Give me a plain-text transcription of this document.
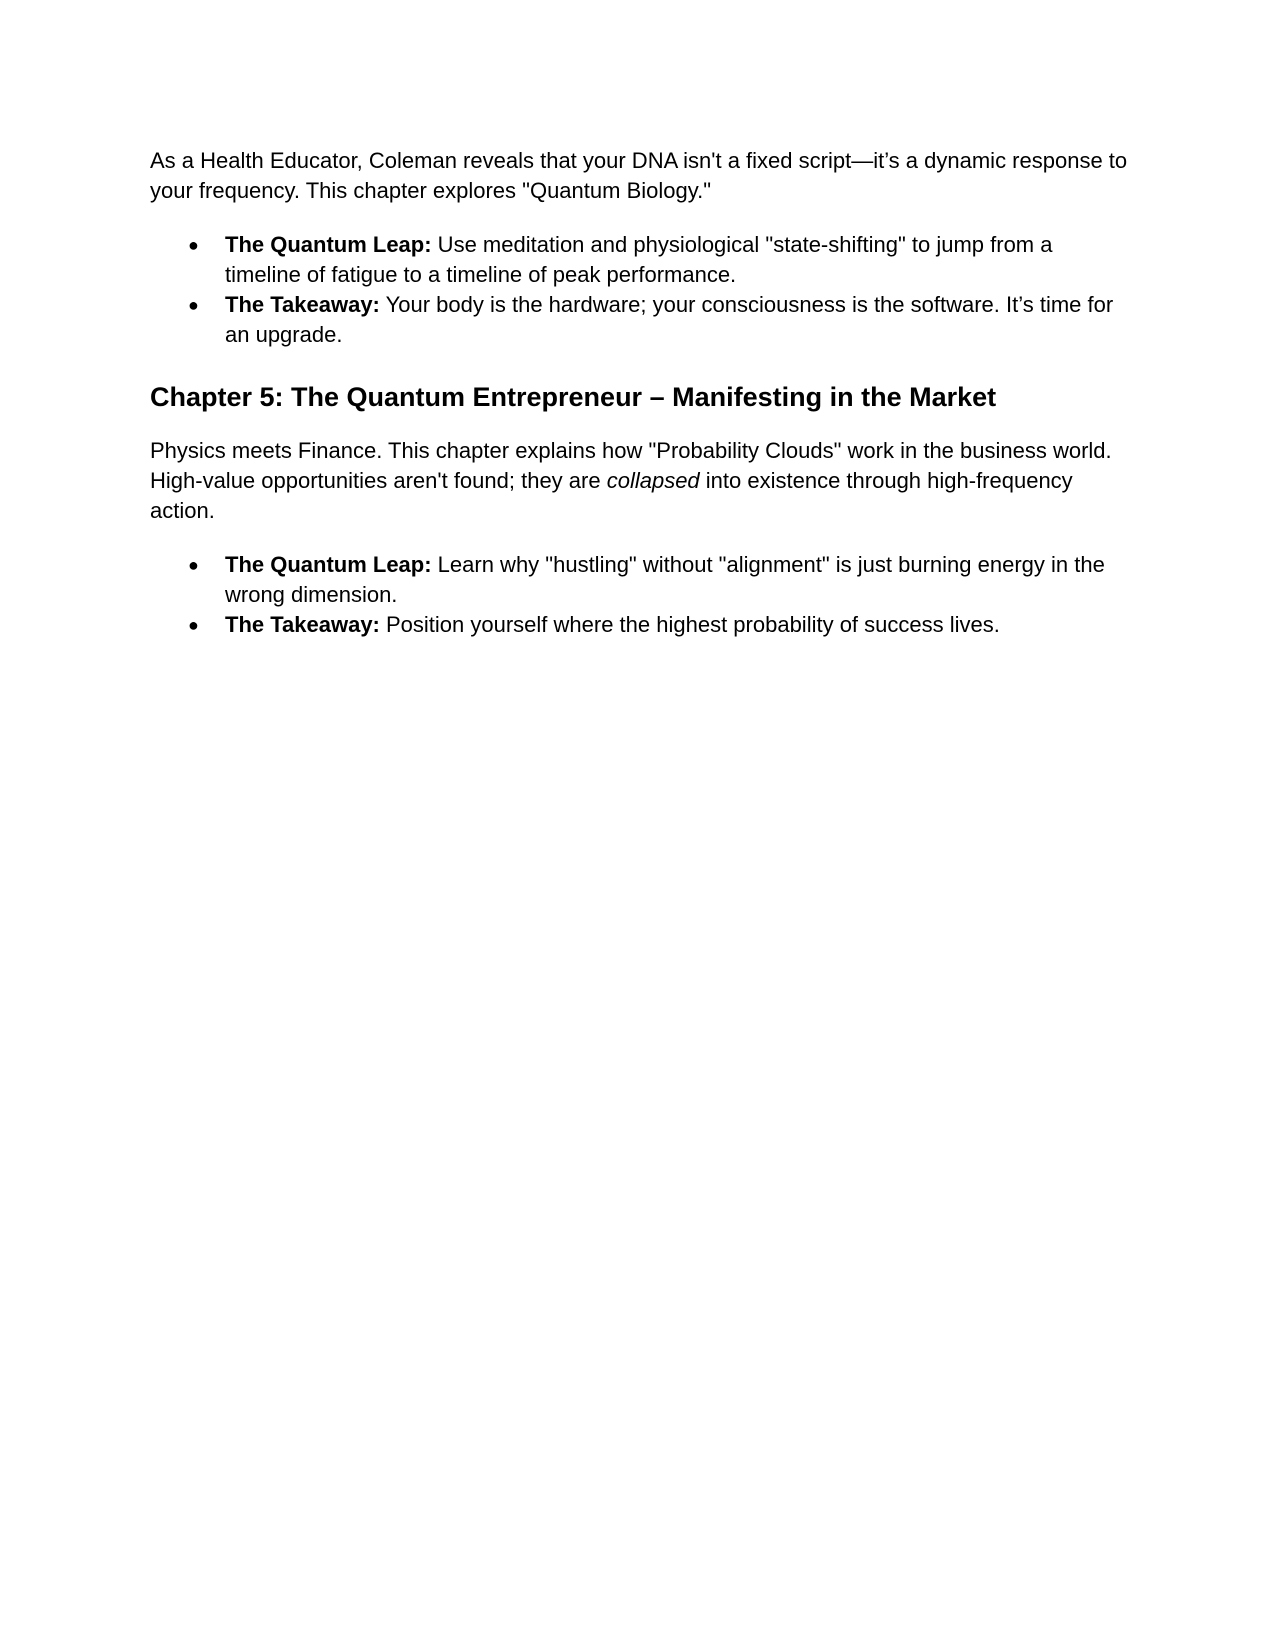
As a Health Educator, Coleman reveals that your DNA isn't a fixed script—it’s a dynamic response to your frequency. This chapter explores "Quantum Biology."

● The Quantum Leap: Use meditation and physiological "state-shifting" to jump from a timeline of fatigue to a timeline of peak performance.
● The Takeaway: Your body is the hardware; your consciousness is the software. It’s time for an upgrade.
Chapter 5: The Quantum Entrepreneur – Manifesting in the Market

Physics meets Finance. This chapter explains how "Probability Clouds" work in the business world. High-value opportunities aren't found; they are collapsed into existence through high-frequency action.

● The Quantum Leap: Learn why "hustling" without "alignment" is just burning energy in the wrong dimension.
● The Takeaway: Position yourself where the highest probability of success lives.
